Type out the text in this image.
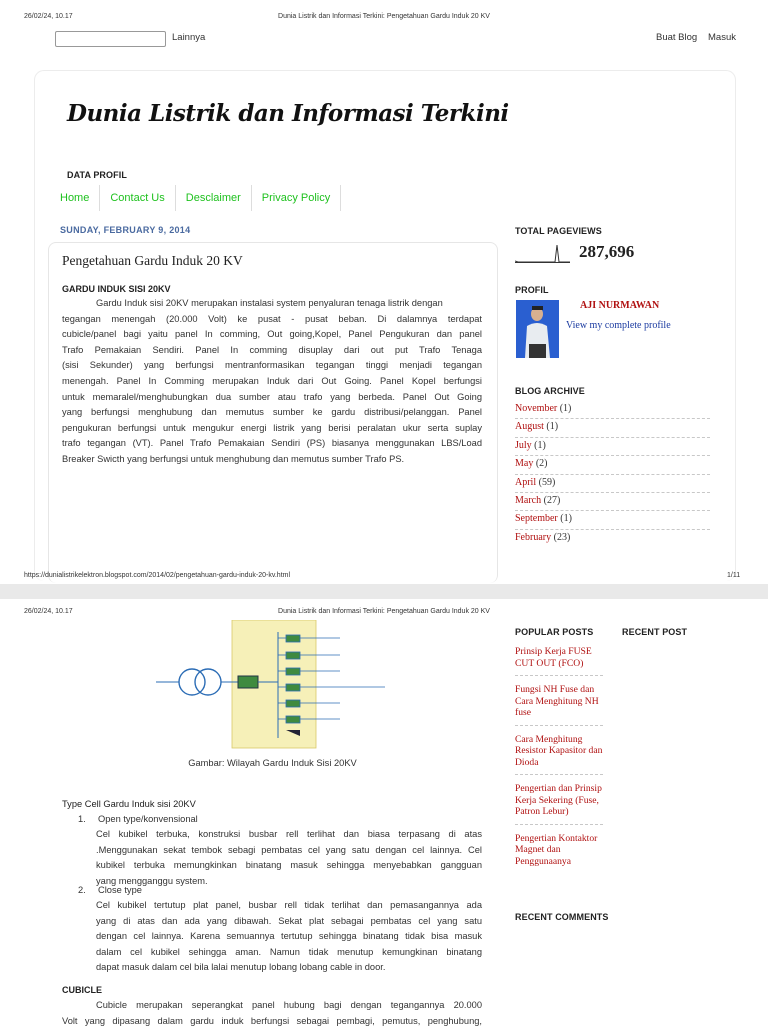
26/02/24, 10.17	Dunia Listrik dan Informasi Terkini: Pengetahuan Gardu Induk 20 KV
Lainnya	Buat Blog Masuk
Dunia Listrik dan Informasi Terkini
DATA PROFIL
Home	Contact Us	Desclaimer	Privacy Policy
SUNDAY, FEBRUARY 9, 2014
Pengetahuan Gardu Induk 20 KV
GARDU INDUK SISI 20KV
Gardu Induk sisi 20KV merupakan instalasi system penyaluran tenaga listrik dengan
tegangan menengah (20.000 Volt) ke pusat - pusat beban. Di dalamnya terdapat
cubicle/panel bagi yaitu panel In comming, Out going,Kopel, Panel Pengukuran dan panel
Trafo Pemakaian Sendiri. Panel In comming disuplay dari out put Trafo Tenaga
(sisi Sekunder) yang berfungsi mentranformasikan tegangan tinggi menjadi tegangan
menengah. Panel In Comming merupakan Induk dari Out Going. Panel Kopel berfungsi
untuk memaralel/menghubungkan dua sumber atau trafo yang berbeda. Panel Out Going
yang berfungsi menghubung dan memutus sumber ke gardu distribusi/pelanggan. Panel
pengukuran berfungsi untuk mengukur energi listrik yang berisi peralatan ukur serta suplay
trafo tegangan (VT). Panel Trafo Pemakaian Sendiri (PS) biasanya menggunakan LBS/Load
Breaker Swicth yang berfungsi untuk menghubung dan memutus sumber Trafo PS.
TOTAL PAGEVIEWS
287,696
PROFIL
AJI NURMAWAN
View my complete profile
BLOG ARCHIVE
November (1)
August (1)
July (1)
May (2)
April (59)
March (27)
September (1)
February (23)
https://dunialistrikelektron.blogspot.com/2014/02/pengetahuan-gardu-induk-20-kv.html	1/11
26/02/24, 10.17	Dunia Listrik dan Informasi Terkini: Pengetahuan Gardu Induk 20 KV
Gambar: Wilayah Gardu Induk Sisi 20KV
Type Cell Gardu Induk sisi 20KV
1. Open type/konvensional
Cel kubikel terbuka, konstruksi busbar rell terlihat dan biasa terpasang di atas
.Menggunakan sekat tembok sebagi pembatas cel yang satu dengan cel lainnya. Cel
kubikel terbuka memungkinkan binatang masuk sehingga menyebabkan gangguan
yang mengganggu system.
2. Close type
Cel kubikel tertutup plat panel, busbar rell tidak terlihat dan pemasangannya ada
yang di atas dan ada yang dibawah. Sekat plat sebagai pembatas cel yang satu
dengan cel lainnya. Karena semuannya tertutup sehingga binatang tidak bisa masuk
dalam cel kubikel sehingga aman. Namun tidak menutup kemungkinan binatang
dapat masuk dalam cel bila lalai menutup lobang lobang cable in door.
CUBICLE
Cubicle merupakan seperangkat panel hubung bagi dengan tegangannya 20.000
Volt yang dipasang dalam gardu induk berfungsi sebagai pembagi, pemutus, penghubung,
POPULAR POSTS	RECENT POST
Prinsip Kerja FUSE CUT OUT (FCO)
Fungsi NH Fuse dan Cara Menghitung NH fuse
Cara Menghitung Resistor Kapasitor dan Dioda
Pengertian dan Prinsip Kerja Sekering (Fuse, Patron Lebur)
Pengertian Kontaktor Magnet dan Penggunaanya
RECENT COMMENTS
